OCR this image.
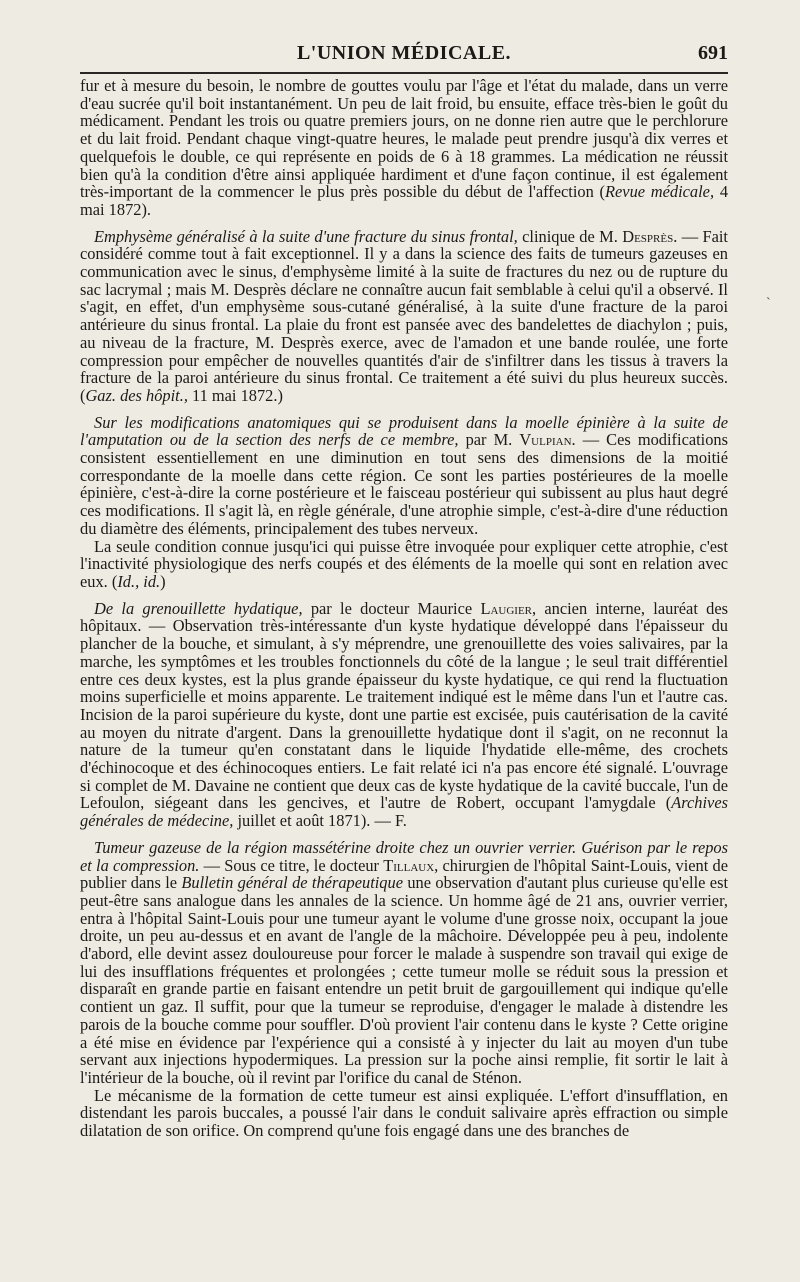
L'UNION MÉDICALE.	691

fur et à mesure du besoin, le nombre de gouttes voulu par l'âge et l'état du malade, dans un verre d'eau sucrée qu'il boit instantanément. Un peu de lait froid, bu ensuite, efface très-bien le goût du médicament. Pendant les trois ou quatre premiers jours, on ne donne rien autre que le perchlorure et du lait froid. Pendant chaque vingt-quatre heures, le malade peut prendre jusqu'à dix verres et quelquefois le double, ce qui représente en poids de 6 à 18 grammes. La médication ne réussit bien qu'à la condition d'être ainsi appliquée hardiment et d'une façon continue, il est également très-important de la commencer le plus près possible du début de l'affection (Revue médicale, 4 mai 1872).

Emphysème généralisé à la suite d'une fracture du sinus frontal, clinique de M. Desprès. — Fait considéré comme tout à fait exceptionnel. Il y a dans la science des faits de tumeurs gazeuses en communication avec le sinus, d'emphysème limité à la suite de fractures du nez ou de rupture du sac lacrymal ; mais M. Desprès déclare ne connaître aucun fait semblable à celui qu'il a observé. Il s'agit, en effet, d'un emphysème sous-cutané généralisé, à la suite d'une fracture de la paroi antérieure du sinus frontal. La plaie du front est pansée avec des bandelettes de diachylon ; puis, au niveau de la fracture, M. Desprès exerce, avec de l'amadon et une bande roulée, une forte compression pour empêcher de nouvelles quantités d'air de s'infiltrer dans les tissus à travers la fracture de la paroi antérieure du sinus frontal. Ce traitement a été suivi du plus heureux succès. (Gaz. des hôpit., 11 mai 1872.)

Sur les modifications anatomiques qui se produisent dans la moelle épinière à la suite de l'amputation ou de la section des nerfs de ce membre, par M. Vulpian. — Ces modifications consistent essentiellement en une diminution en tout sens des dimensions de la moitié correspondante de la moelle dans cette région. Ce sont les parties postérieures de la moelle épinière, c'est-à-dire la corne postérieure et le faisceau postérieur qui subissent au plus haut degré ces modifications. Il s'agit là, en règle générale, d'une atrophie simple, c'est-à-dire d'une réduction du diamètre des éléments, principalement des tubes nerveux.

La seule condition connue jusqu'ici qui puisse être invoquée pour expliquer cette atrophie, c'est l'inactivité physiologique des nerfs coupés et des éléments de la moelle qui sont en relation avec eux. (Id., id.)

De la grenouillette hydatique, par le docteur Maurice Laugier, ancien interne, lauréat des hôpitaux. — Observation très-intéressante d'un kyste hydatique développé dans l'épaisseur du plancher de la bouche, et simulant, à s'y méprendre, une grenouillette des voies salivaires, par la marche, les symptômes et les troubles fonctionnels du côté de la langue ; le seul trait différentiel entre ces deux kystes, est la plus grande épaisseur du kyste hydatique, ce qui rend la fluctuation moins superficielle et moins apparente. Le traitement indiqué est le même dans l'un et l'autre cas. Incision de la paroi supérieure du kyste, dont une partie est excisée, puis cautérisation de la cavité au moyen du nitrate d'argent. Dans la grenouillette hydatique dont il s'agit, on ne reconnut la nature de la tumeur qu'en constatant dans le liquide l'hydatide elle-même, des crochets d'échinocoque et des échinocoques entiers. Le fait relaté ici n'a pas encore été signalé. L'ouvrage si complet de M. Davaine ne contient que deux cas de kyste hydatique de la cavité buccale, l'un de Lefoulon, siégeant dans les gencives, et l'autre de Robert, occupant l'amygdale (Archives générales de médecine, juillet et août 1871). — F.

Tumeur gazeuse de la région massétérine droite chez un ouvrier verrier. Guérison par le repos et la compression. — Sous ce titre, le docteur Tillaux, chirurgien de l'hôpital Saint-Louis, vient de publier dans le Bulletin général de thérapeutique une observation d'autant plus curieuse qu'elle est peut-être sans analogue dans les annales de la science. Un homme âgé de 21 ans, ouvrier verrier, entra à l'hôpital Saint-Louis pour une tumeur ayant le volume d'une grosse noix, occupant la joue droite, un peu au-dessus et en avant de l'angle de la mâchoire. Développée peu à peu, indolente d'abord, elle devint assez douloureuse pour forcer le malade à suspendre son travail qui exige de lui des insufflations fréquentes et prolongées ; cette tumeur molle se réduit sous la pression et disparaît en grande partie en faisant entendre un petit bruit de gargouillement qui indique qu'elle contient un gaz. Il suffit, pour que la tumeur se reproduise, d'engager le malade à distendre les parois de la bouche comme pour souffler. D'où provient l'air contenu dans le kyste ? Cette origine a été mise en évidence par l'expérience qui a consisté à y injecter du lait au moyen d'un tube servant aux injections hypodermiques. La pression sur la poche ainsi remplie, fit sortir le lait à l'intérieur de la bouche, où il revint par l'orifice du canal de Sténon.

Le mécanisme de la formation de cette tumeur est ainsi expliquée. L'effort d'insufflation, en distendant les parois buccales, a poussé l'air dans le conduit salivaire après effraction ou simple dilatation de son orifice. On comprend qu'une fois engagé dans une des branches de

`
